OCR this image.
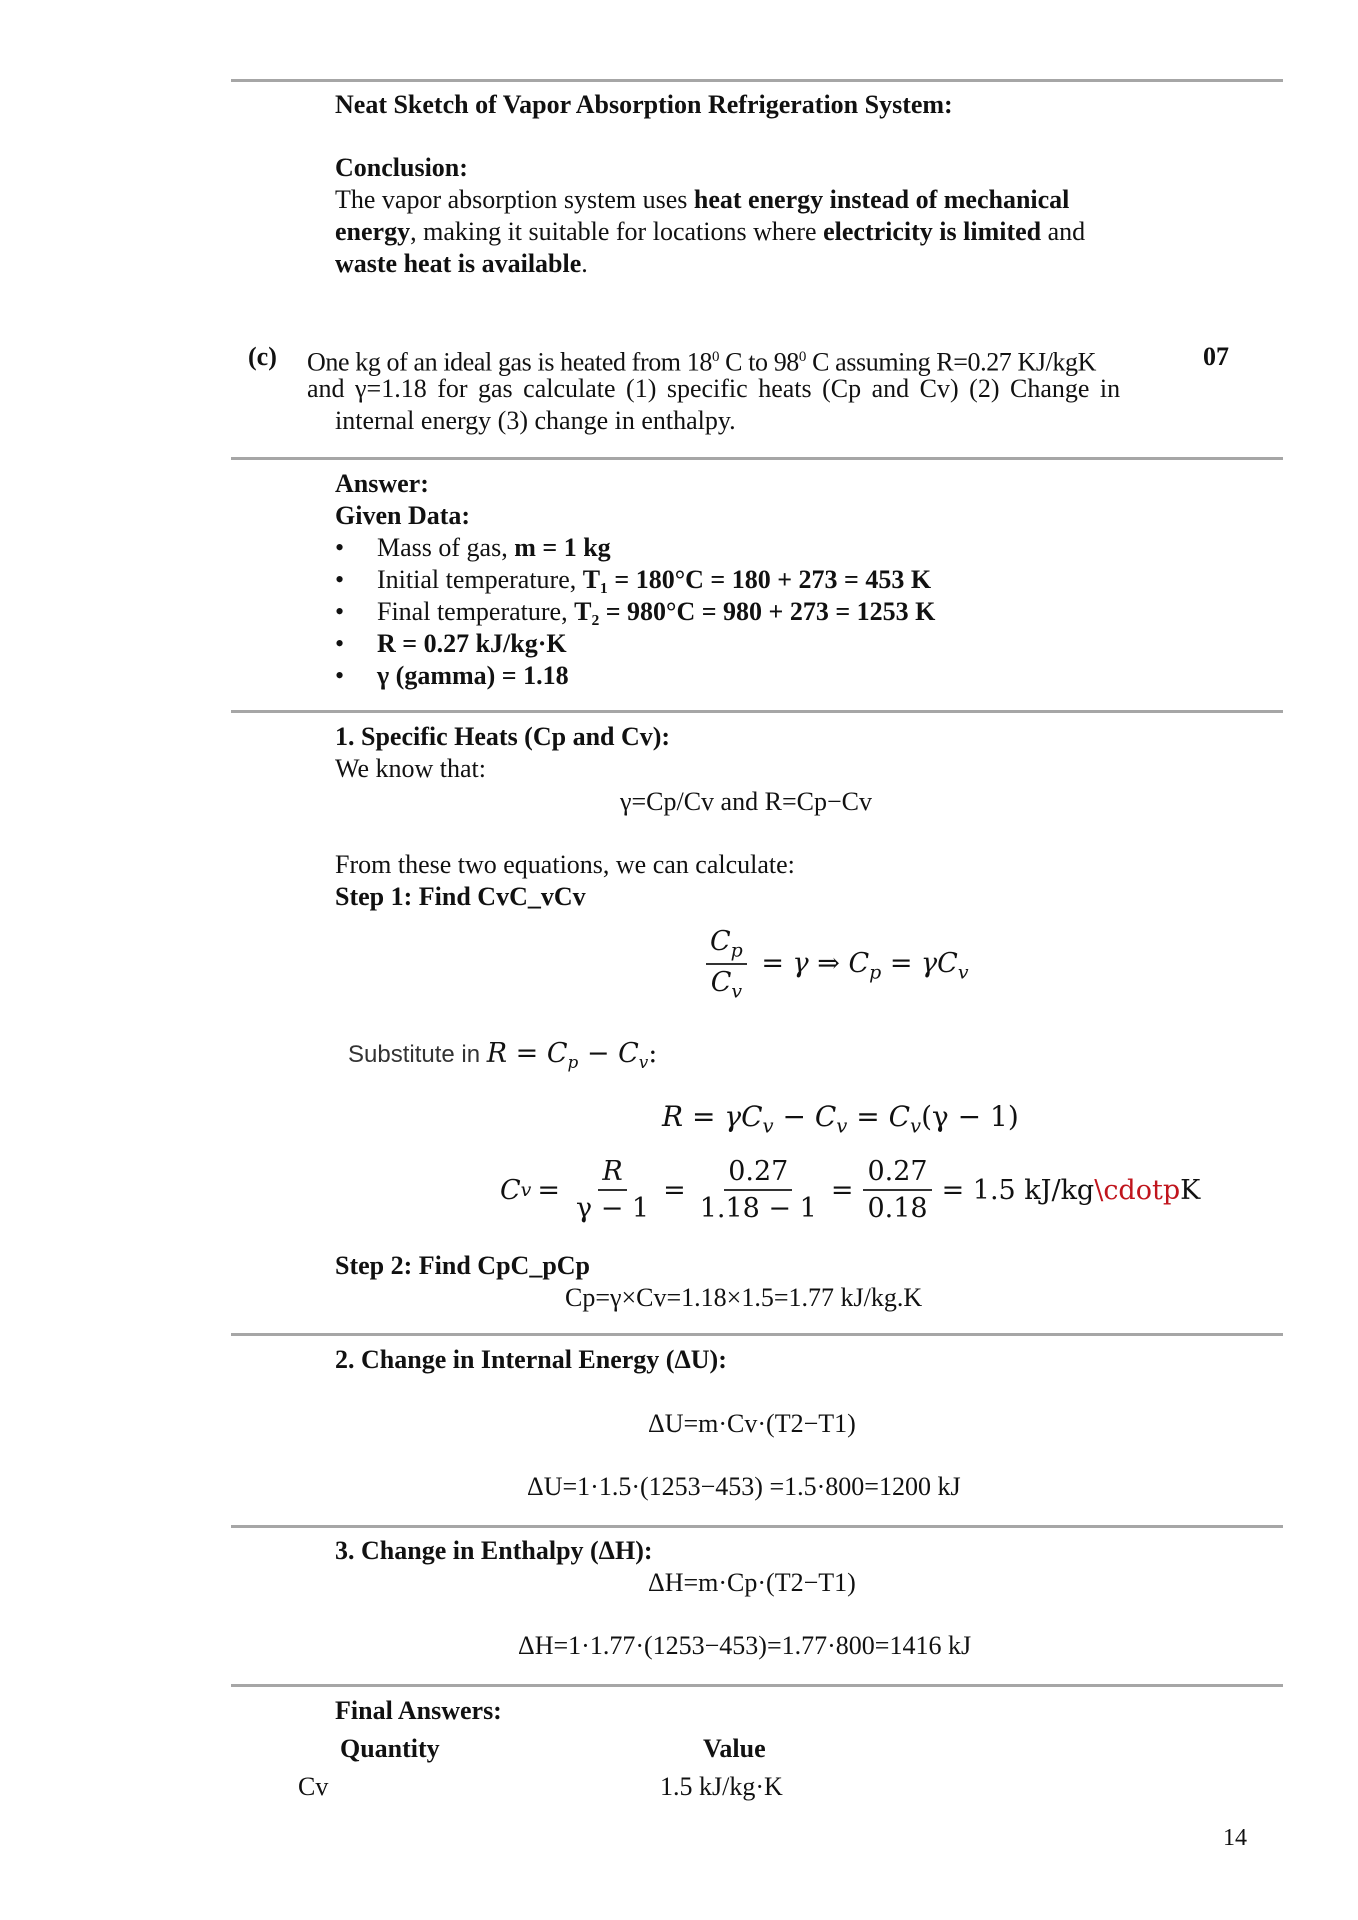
Neat Sketch of Vapor Absorption Refrigeration System:
Conclusion:
The vapor absorption system uses heat energy instead of mechanical
energy, making it suitable for locations where electricity is limited and
waste heat is available.
(c) One kg of an ideal gas is heated from $18^0$ C to $98^0$ C assuming R=0.27 KJ/kgK	07
and γ=1.18 for gas calculate (1) specific heats (Cp and Cv) (2) Change in
internal energy (3) change in enthalpy.
Answer:
Given Data:
• Mass of gas, m = 1 kg
• Initial temperature, T₁ = 180°C = 180 + 273 = 453 K
• Final temperature, T₂ = 980°C = 980 + 273 = 1253 K
• R = 0.27 kJ/kg·K
• γ (gamma) = 1.18
1. Specific Heats (Cp and Cv):
We know that:
γ=Cp/Cv and R=Cp−Cv
From these two equations, we can calculate:
Step 1: Find CvC_vCv
$\frac{C_p}{C_v} = \gamma$ ⇒ $C_p = \gamma C_v$
Substitute in $R = C_p - C_v$:
$R = \gamma C_v - C_v = C_v(\gamma - 1)$
C $v = \frac{R}{\gamma - 1} = \frac{0.27}{1.18 - 1} = \frac{0.27}{0.18} = 1.5$ kJ/kg \cdotp K
Step 2: Find CpC_pCp
Cp=γ×Cv=1.18×1.5=1.77 kJ/kg.K
2. Change in Internal Energy (ΔU):
ΔU=m·Cv·(T2−T1)
ΔU=1·1.5·(1253−453) =1.5·800=1200 kJ
3. Change in Enthalpy (ΔH):
ΔH=m·Cp·(T2−T1)
ΔH=1·1.77·(1253−453)=1.77·800=1416 kJ
Final Answers:
Quantity	Value
Cv	1.5 kJ/kg·K
14
